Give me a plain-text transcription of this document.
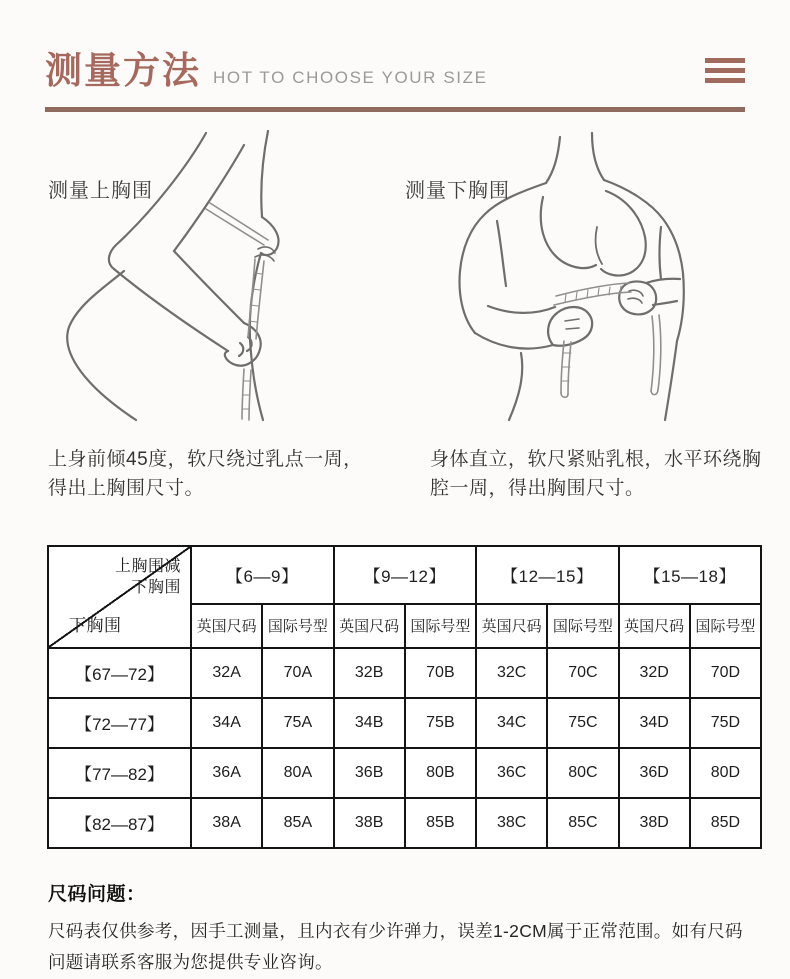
测量方法 HOT TO CHOOSE YOUR SIZE
测量上胸围	测量下胸围

上身前倾45度，软尺绕过乳点一周，得出上胸围尺寸。

身体直立，软尺紧贴乳根，水平环绕胸腔一周，得出胸围尺寸。

上胸围减
下胸围
下胸围	【6—9】		【9—12】		【12—15】		【15—18】	
	英国尺码	国际号型	英国尺码	国际号型	英国尺码	国际号型	英国尺码	国际号型
【67—72】	32A	70A	32B	70B	32C	70C	32D	70D
【72—77】	34A	75A	34B	75B	34C	75C	34D	75D
【77—82】	36A	80A	36B	80B	36C	80C	36D	80D
【82—87】	38A	85A	38B	85B	38C	85C	38D	85D
尺码问题：

尺码表仅供参考，因手工测量，且内衣有少许弹力，误差1-2CM属于正常范围。如有尺码问题请联系客服为您提供专业咨询。
